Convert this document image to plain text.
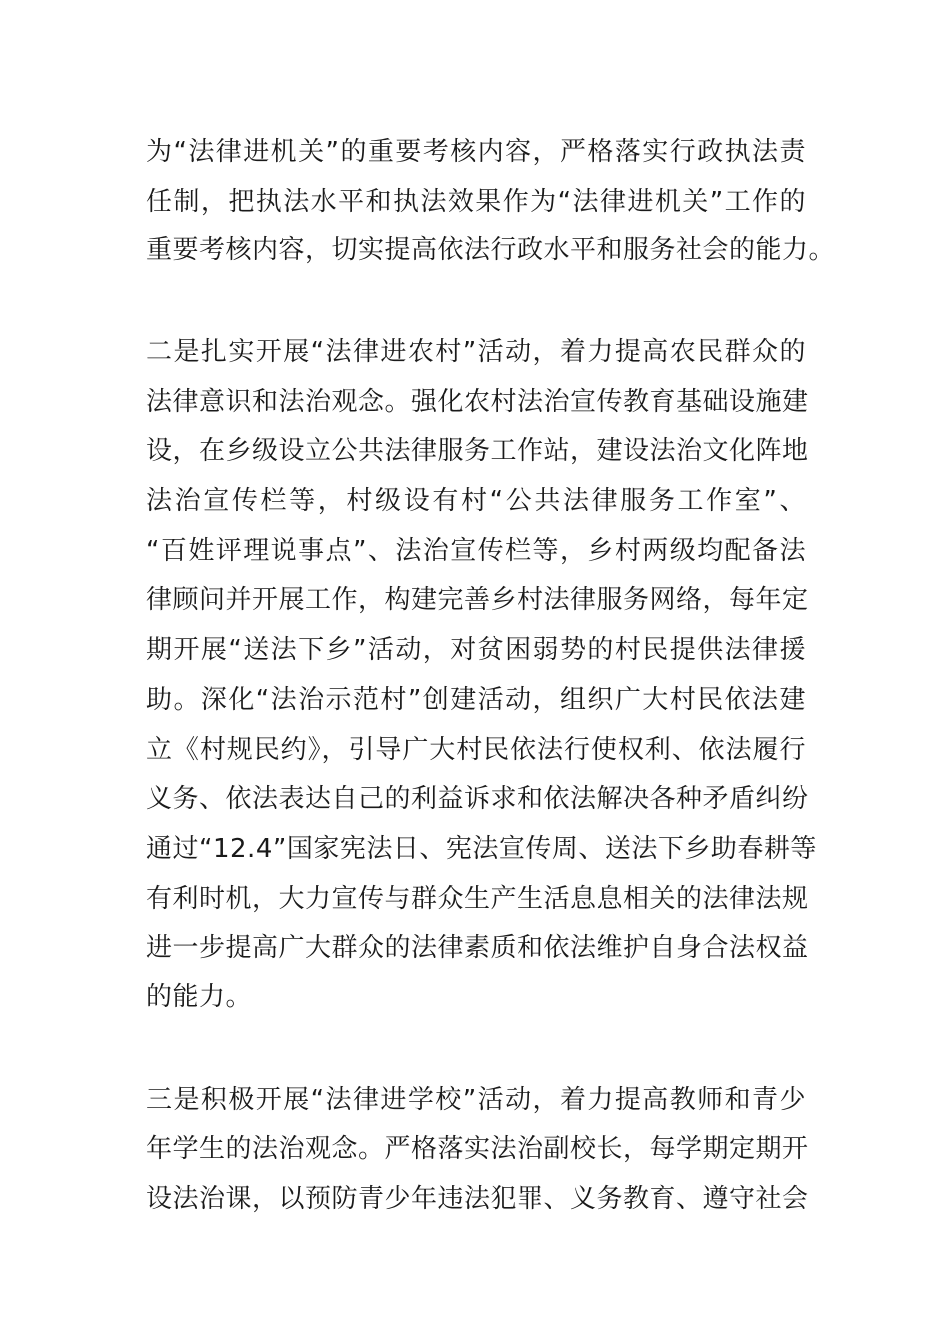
为“法律进机关”的重要考核内容，严格落实行政执法责
任制，把执法水平和执法效果作为“法律进机关”工作的
重要考核内容，切实提高依法行政水平和服务社会的能力。
二是扎实开展“法律进农村”活动，着力提高农民群众的
法律意识和法治观念。强化农村法治宣传教育基础设施建
设，在乡级设立公共法律服务工作站，建设法治文化阵地
法治宣传栏等，村级设有村“公共法律服务工作室”、
“百姓评理说事点”、法治宣传栏等，乡村两级均配备法
律顾问并开展工作，构建完善乡村法律服务网络，每年定
期开展“送法下乡”活动，对贫困弱势的村民提供法律援
助。深化“法治示范村”创建活动，组织广大村民依法建
立《村规民约》，引导广大村民依法行使权利、依法履行
义务、依法表达自己的利益诉求和依法解决各种矛盾纠纷
通过“12.4”国家宪法日、宪法宣传周、送法下乡助春耕等
有利时机，大力宣传与群众生产生活息息相关的法律法规
进一步提高广大群众的法律素质和依法维护自身合法权益
的能力。
三是积极开展“法律进学校”活动，着力提高教师和青少
年学生的法治观念。严格落实法治副校长，每学期定期开
设法治课，以预防青少年违法犯罪、义务教育、遵守社会
